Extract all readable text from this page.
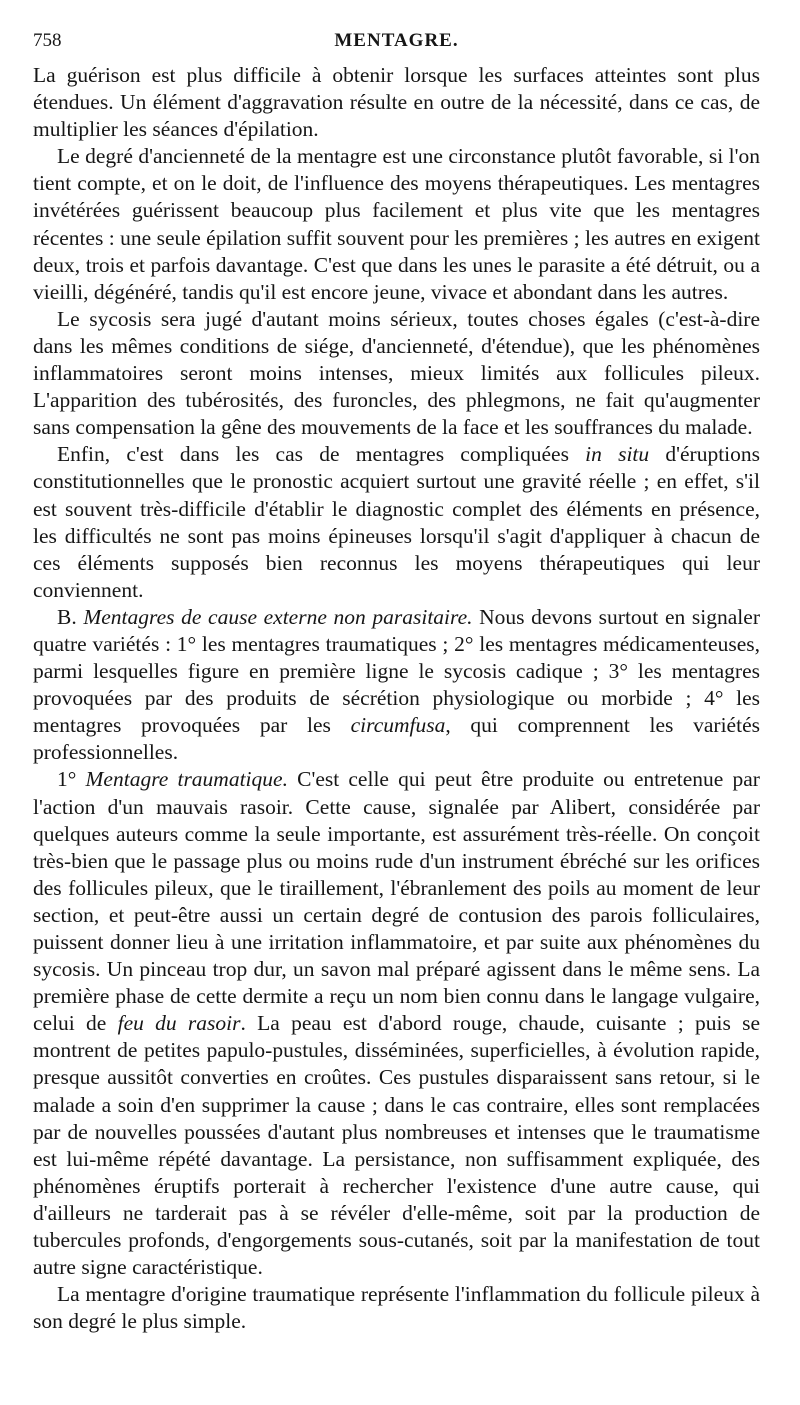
758	MENTAGRE.

La guérison est plus difficile à obtenir lorsque les surfaces atteintes sont plus étendues. Un élément d'aggravation résulte en outre de la nécessité, dans ce cas, de multiplier les séances d'épilation.

Le degré d'ancienneté de la mentagre est une circonstance plutôt favorable, si l'on tient compte, et on le doit, de l'influence des moyens thérapeutiques. Les mentagres invétérées guérissent beaucoup plus facilement et plus vite que les mentagres récentes : une seule épilation suffit souvent pour les premières ; les autres en exigent deux, trois et parfois davantage. C'est que dans les unes le parasite a été détruit, ou a vieilli, dégénéré, tandis qu'il est encore jeune, vivace et abondant dans les autres.

Le sycosis sera jugé d'autant moins sérieux, toutes choses égales (c'est-à-dire dans les mêmes conditions de siége, d'ancienneté, d'étendue), que les phénomènes inflammatoires seront moins intenses, mieux limités aux follicules pileux. L'apparition des tubérosités, des furoncles, des phlegmons, ne fait qu'augmenter sans compensation la gêne des mouvements de la face et les souffrances du malade.

Enfin, c'est dans les cas de mentagres compliquées in situ d'éruptions constitutionnelles que le pronostic acquiert surtout une gravité réelle ; en effet, s'il est souvent très-difficile d'établir le diagnostic complet des éléments en présence, les difficultés ne sont pas moins épineuses lorsqu'il s'agit d'appliquer à chacun de ces éléments supposés bien reconnus les moyens thérapeutiques qui leur conviennent.

B. Mentagres de cause externe non parasitaire. Nous devons surtout en signaler quatre variétés : 1° les mentagres traumatiques ; 2° les mentagres médicamenteuses, parmi lesquelles figure en première ligne le sycosis cadique ; 3° les mentagres provoquées par des produits de sécrétion physiologique ou morbide ; 4° les mentagres provoquées par les circumfusa, qui comprennent les variétés professionnelles.

1° Mentagre traumatique. C'est celle qui peut être produite ou entretenue par l'action d'un mauvais rasoir. Cette cause, signalée par Alibert, considérée par quelques auteurs comme la seule importante, est assurément très-réelle. On conçoit très-bien que le passage plus ou moins rude d'un instrument ébréché sur les orifices des follicules pileux, que le tiraillement, l'ébranlement des poils au moment de leur section, et peut-être aussi un certain degré de contusion des parois folliculaires, puissent donner lieu à une irritation inflammatoire, et par suite aux phénomènes du sycosis. Un pinceau trop dur, un savon mal préparé agissent dans le même sens. La première phase de cette dermite a reçu un nom bien connu dans le langage vulgaire, celui de feu du rasoir. La peau est d'abord rouge, chaude, cuisante ; puis se montrent de petites papulo-pustules, disséminées, superficielles, à évolution rapide, presque aussitôt converties en croûtes. Ces pustules disparaissent sans retour, si le malade a soin d'en supprimer la cause ; dans le cas contraire, elles sont remplacées par de nouvelles poussées d'autant plus nombreuses et intenses que le traumatisme est lui-même répété davantage. La persistance, non suffisamment expliquée, des phénomènes éruptifs porterait à rechercher l'existence d'une autre cause, qui d'ailleurs ne tarderait pas à se révéler d'elle-même, soit par la production de tubercules profonds, d'engorgements sous-cutanés, soit par la manifestation de tout autre signe caractéristique.

La mentagre d'origine traumatique représente l'inflammation du follicule pileux à son degré le plus simple.
